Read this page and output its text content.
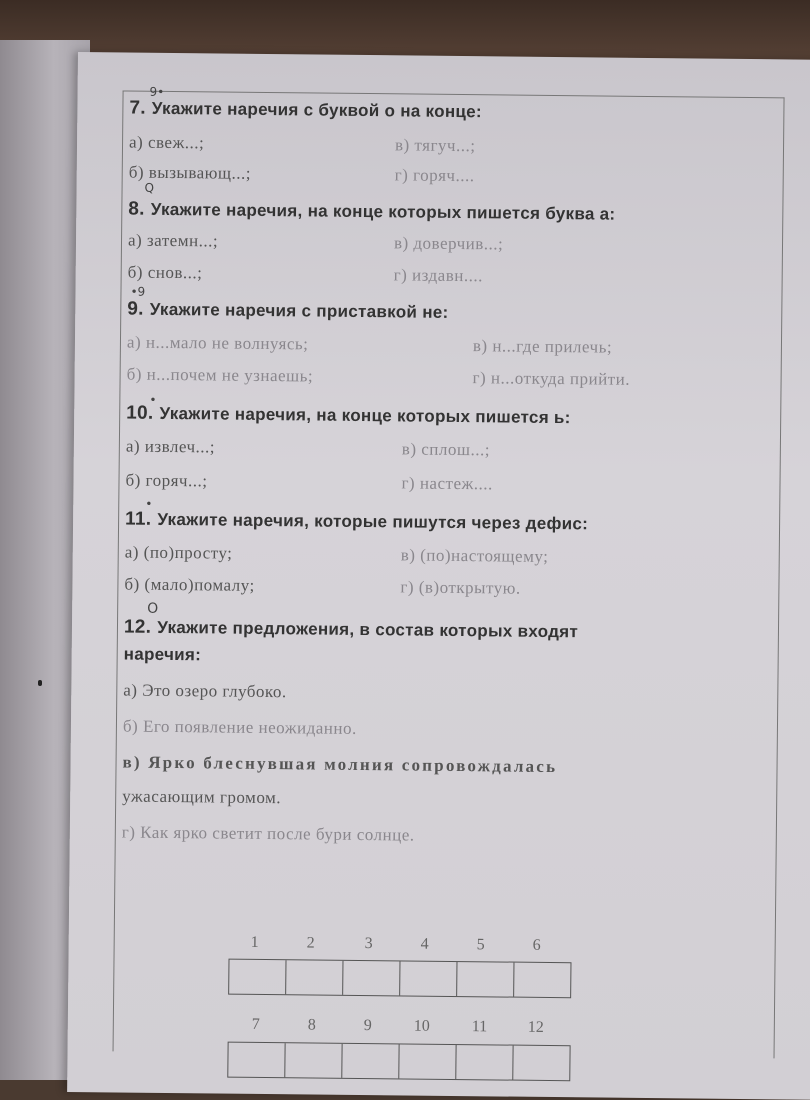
9•
7. Укажите наречия с буквой о на конце:
а) свеж...;	в) тягуч...;
б) вызывающ...;	г) горяч....
Q
8. Укажите наречия, на конце которых пишется буква а:
а) затемн...;	в) доверчив...;
б) снов...;	г) издавн....
•9
9. Укажите наречия с приставкой не:
а) н...мало не волнуясь;	в) н...где прилечь;
б) н...почем не узнаешь;	г) н...откуда прийти.
•
10. Укажите наречия, на конце которых пишется ь:
а) извлеч...;	в) сплош...;
б) горяч...;	г) настеж....
•
11. Укажите наречия, которые пишутся через дефис:
а) (по)просту;	в) (по)настоящему;
б) (мало)помалу;	г) (в)открытую.
O
12. Укажите предложения, в состав которых входят
наречия:
а) Это озеро глубоко.
б) Его появление неожиданно.
в) Ярко блеснувшая молния сопровождалась
ужасающим громом.
г) Как ярко светит после бури солнце.
1	2	3	4	5	6
7	8	9	10	11	12
